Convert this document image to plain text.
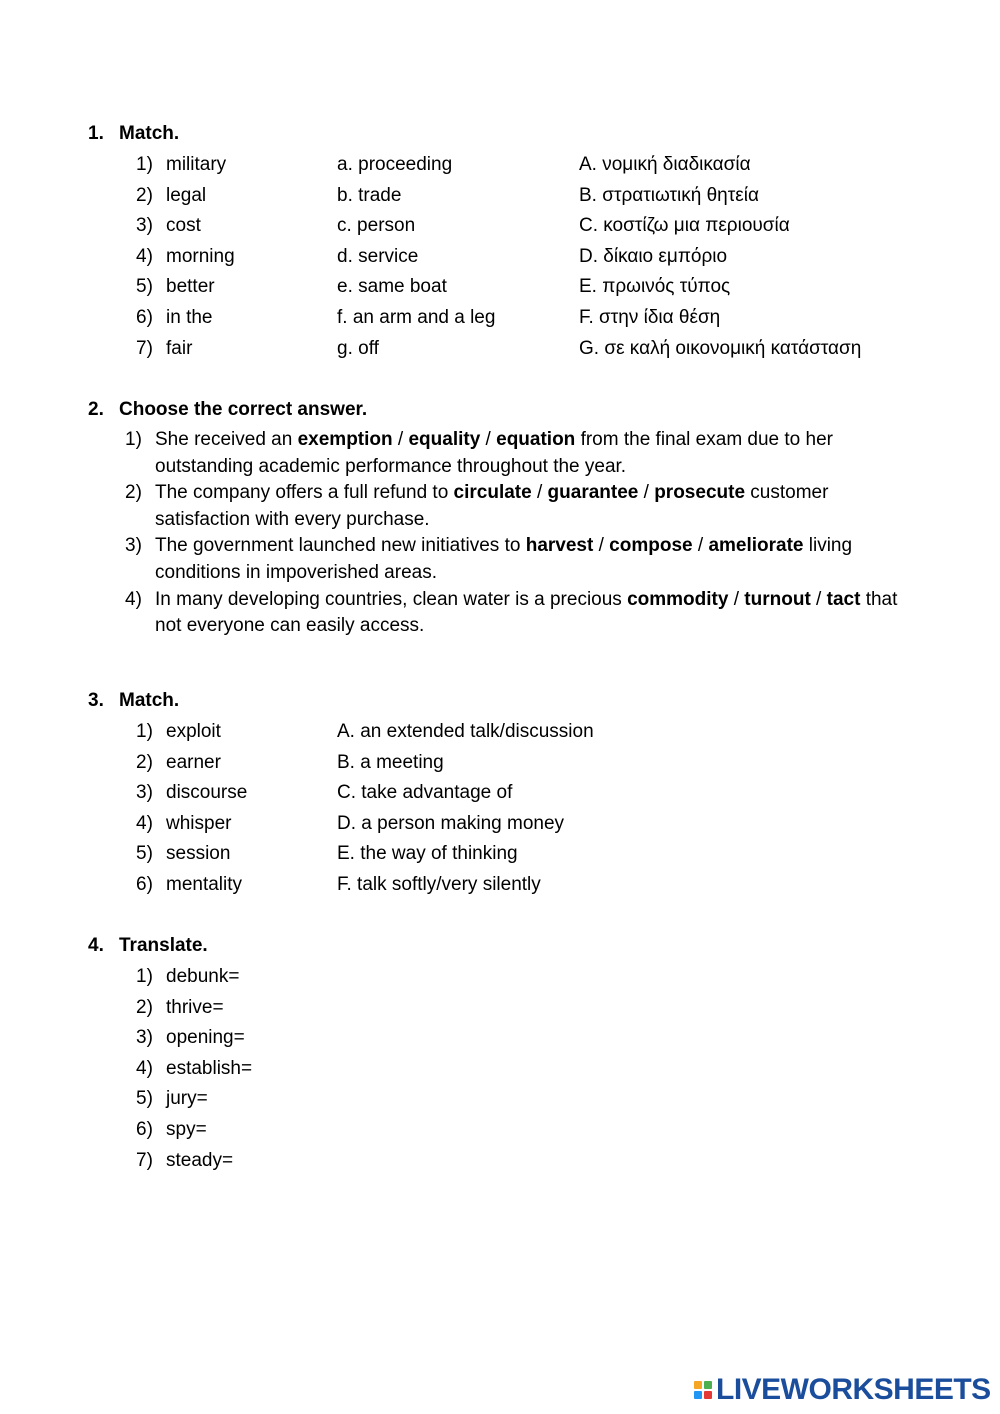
1. Match.
1) military	a. proceeding	A. νομική διαδικασία
2) legal	b. trade	B. στρατιωτική θητεία
3) cost	c. person	C. κοστίζω μια περιουσία
4) morning	d. service	D. δίκαιο εμπόριο
5) better	e. same boat	E. πρωινός τύπος
6) in the	f. an arm and a leg	F. στην ίδια θέση
7) fair	g. off	G. σε καλή οικονομική κατάσταση
2. Choose the correct answer.

1) She received an exemption / equality / equation from the final exam due to her outstanding academic performance throughout the year.

2) The company offers a full refund to circulate / guarantee / prosecute customer satisfaction with every purchase.

3) The government launched new initiatives to harvest / compose / ameliorate living conditions in impoverished areas.

4) In many developing countries, clean water is a precious commodity / turnout / tact that not everyone can easily access.

3. Match.
1) exploit	A. an extended talk/discussion
2) earner	B. a meeting
3) discourse	C. take advantage of
4) whisper	D. a person making money
5) session	E. the way of thinking
6) mentality	F. talk softly/very silently
4. Translate.
1) debunk=
2) thrive=
3) opening=
4) establish=
5) jury=
6) spy=
7) steady=
LIVEWORKSHEETS
